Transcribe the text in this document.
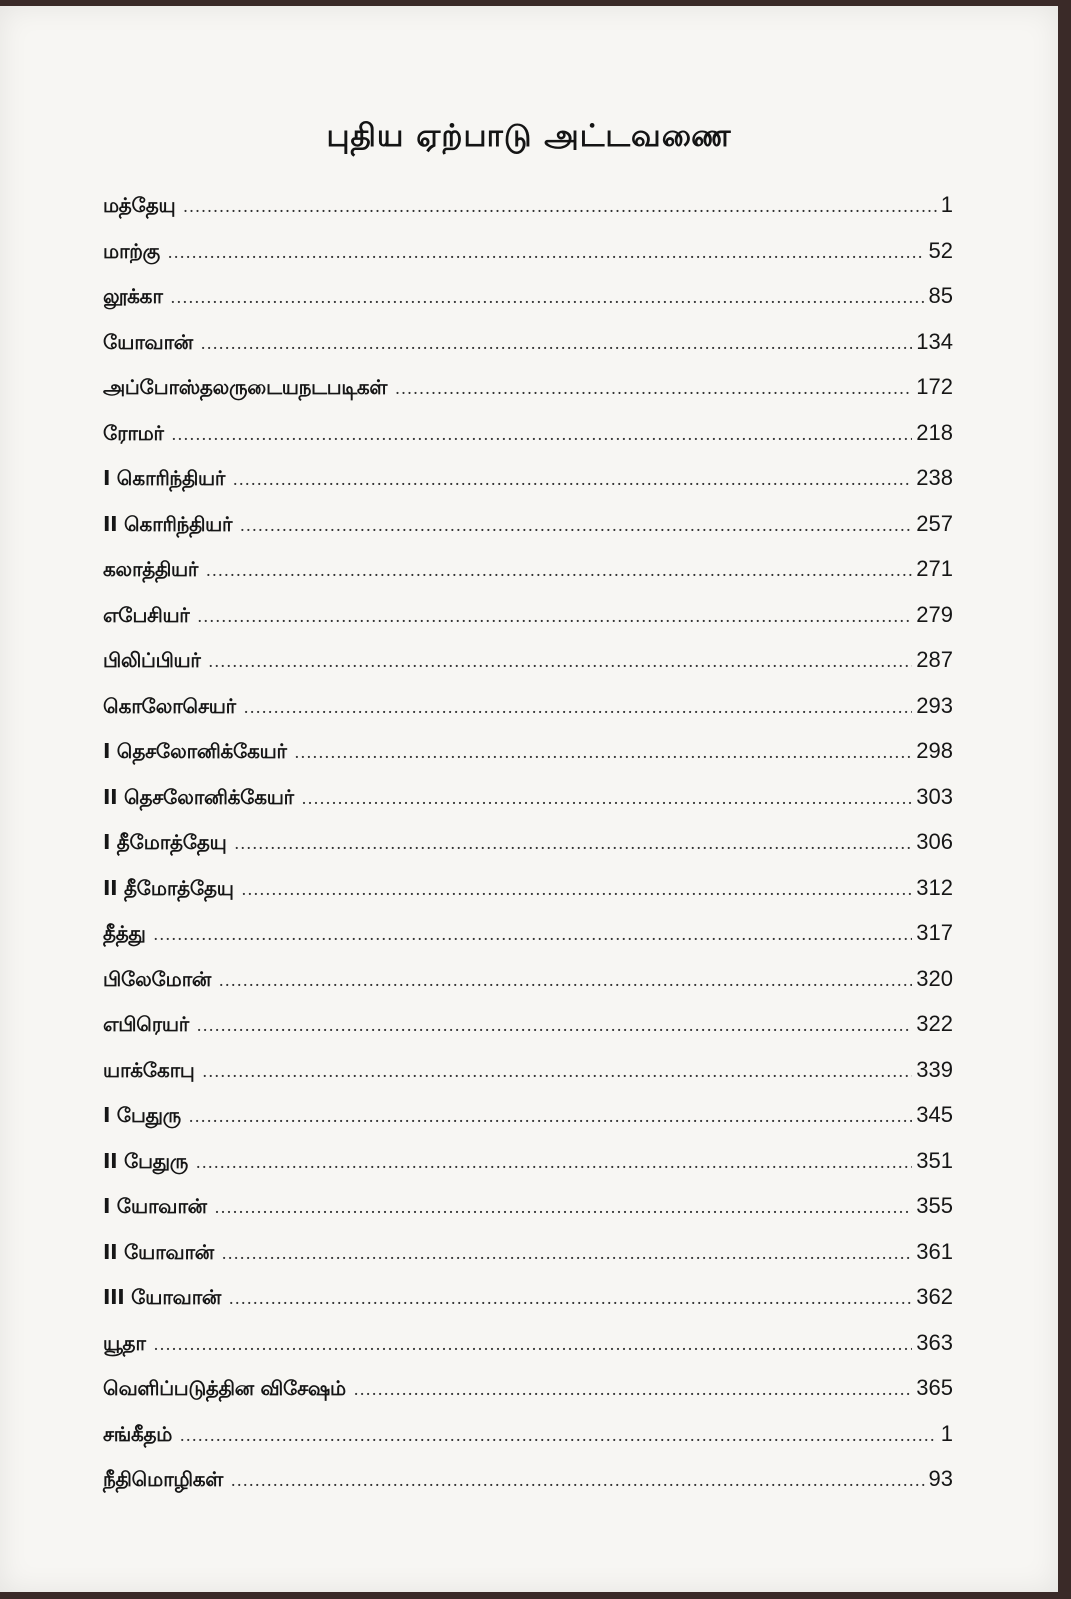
புதிய ஏற்பாடு அட்டவணை
மத்தேயு .....	1
மாற்கு .....	52
லூக்கா .....	85
யோவான் .....	134
அப்போஸ்தலருடையநடபடிகள் .....	172
ரோமர் .....	218
I கொரிந்தியர் .....	238
II கொரிந்தியர் .....	257
கலாத்தியர் .....	271
எபேசியர் .....	279
பிலிப்பியர் .....	287
கொலோசெயர் .....	293
I தெசலோனிக்கேயர் .....	298
II தெசலோனிக்கேயர் .....	303
I தீமோத்தேயு .....	306
II தீமோத்தேயு .....	312
தீத்து .....	317
பிலேமோன் .....	320
எபிரெயர் .....	322
யாக்கோபு .....	339
I பேதுரு .....	345
II பேதுரு .....	351
I யோவான் .....	355
II யோவான் .....	361
III யோவான் .....	362
யூதா .....	363
வெளிப்படுத்தின விசேஷம் .....	365
சங்கீதம் .....	1
நீதிமொழிகள் .....	93
